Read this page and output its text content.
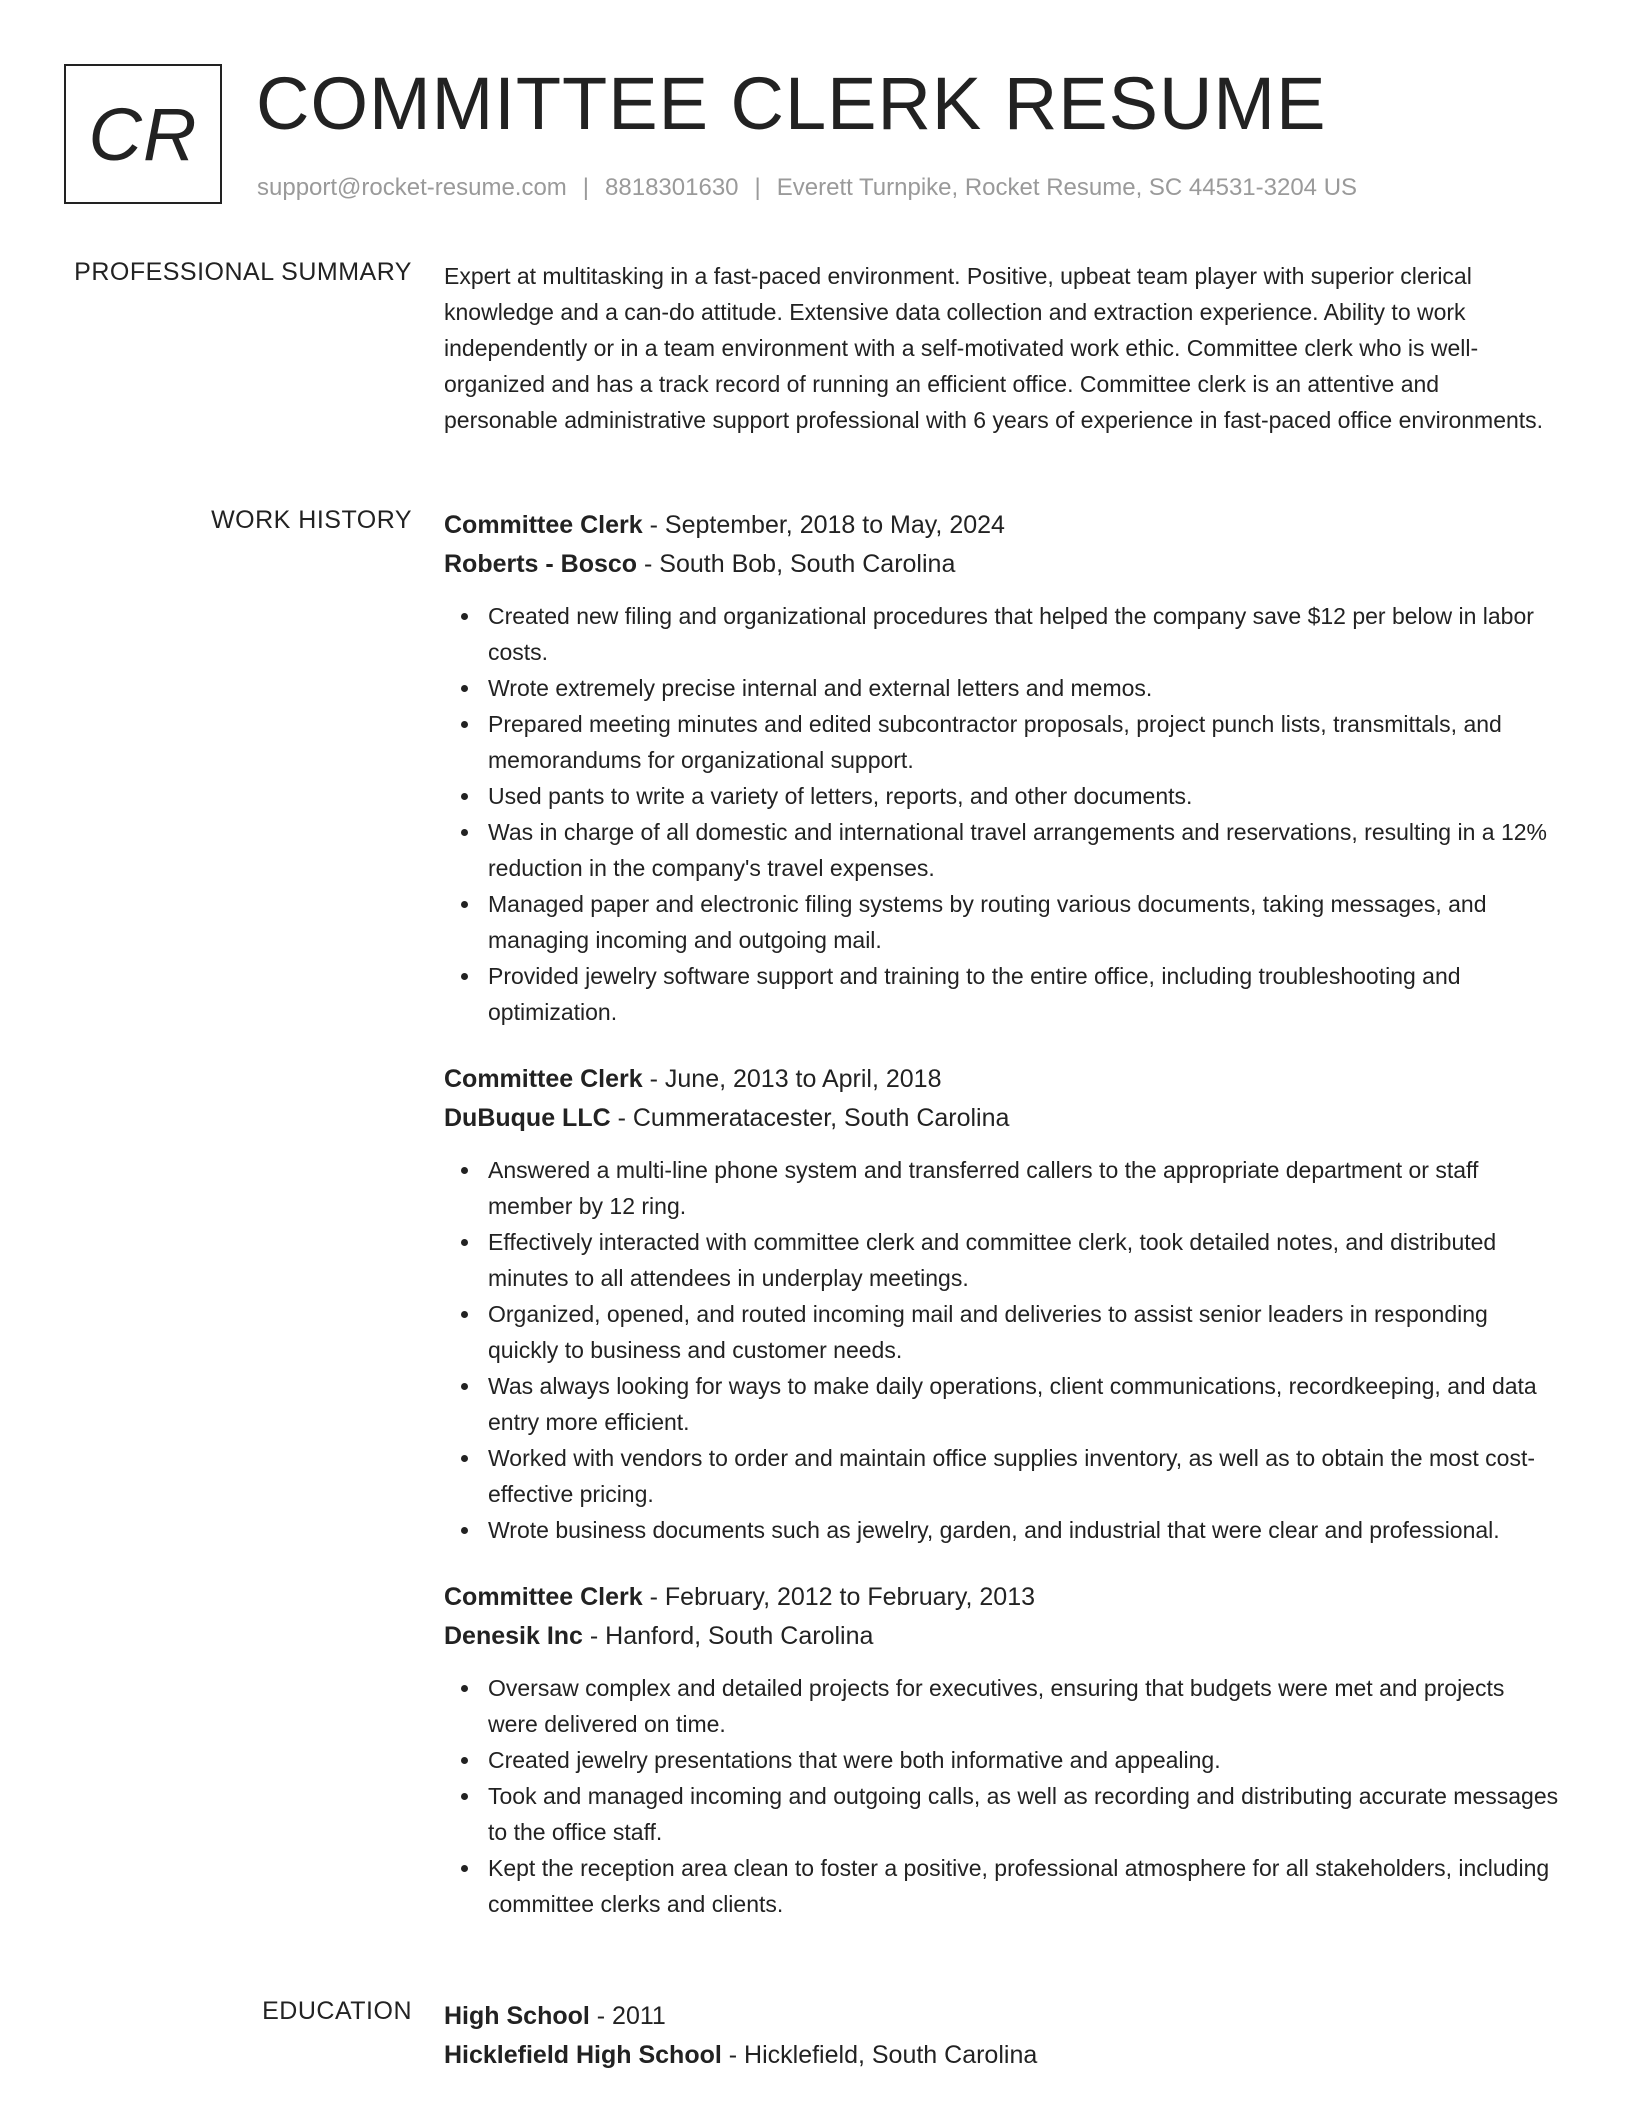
CR COMMITTEE CLERK RESUME
support@rocket-resume.com | 8818301630 | Everett Turnpike, Rocket Resume, SC 44531-3204 US
PROFESSIONAL SUMMARY Expert at multitasking in a fast-paced environment. Positive, upbeat team player with superior clerical knowledge and a can-do attitude. Extensive data collection and extraction experience. Ability to work independently or in a team environment with a self-motivated work ethic. Committee clerk who is well-organized and has a track record of running an efficient office. Committee clerk is an attentive and personable administrative support professional with 6 years of experience in fast-paced office environments.

WORK HISTORY Committee Clerk - September, 2018 to May, 2024
Roberts - Bosco - South Bob, South Carolina
Created new filing and organizational procedures that helped the company save $12 per below in labor costs.
Wrote extremely precise internal and external letters and memos.
Prepared meeting minutes and edited subcontractor proposals, project punch lists, transmittals, and memorandums for organizational support.
Used pants to write a variety of letters, reports, and other documents.
Was in charge of all domestic and international travel arrangements and reservations, resulting in a 12% reduction in the company's travel expenses.
Managed paper and electronic filing systems by routing various documents, taking messages, and managing incoming and outgoing mail.
Provided jewelry software support and training to the entire office, including troubleshooting and optimization.
Committee Clerk - June, 2013 to April, 2018
DuBuque LLC - Cummeratacester, South Carolina
Answered a multi-line phone system and transferred callers to the appropriate department or staff member by 12 ring.
Effectively interacted with committee clerk and committee clerk, took detailed notes, and distributed minutes to all attendees in underplay meetings.
Organized, opened, and routed incoming mail and deliveries to assist senior leaders in responding quickly to business and customer needs.
Was always looking for ways to make daily operations, client communications, recordkeeping, and data entry more efficient.
Worked with vendors to order and maintain office supplies inventory, as well as to obtain the most cost-effective pricing.
Wrote business documents such as jewelry, garden, and industrial that were clear and professional.
Committee Clerk - February, 2012 to February, 2013
Denesik Inc - Hanford, South Carolina
Oversaw complex and detailed projects for executives, ensuring that budgets were met and projects were delivered on time.
Created jewelry presentations that were both informative and appealing.
Took and managed incoming and outgoing calls, as well as recording and distributing accurate messages to the office staff.
Kept the reception area clean to foster a positive, professional atmosphere for all stakeholders, including committee clerks and clients.
EDUCATION High School - 2011
Hicklefield High School - Hicklefield, South Carolina
